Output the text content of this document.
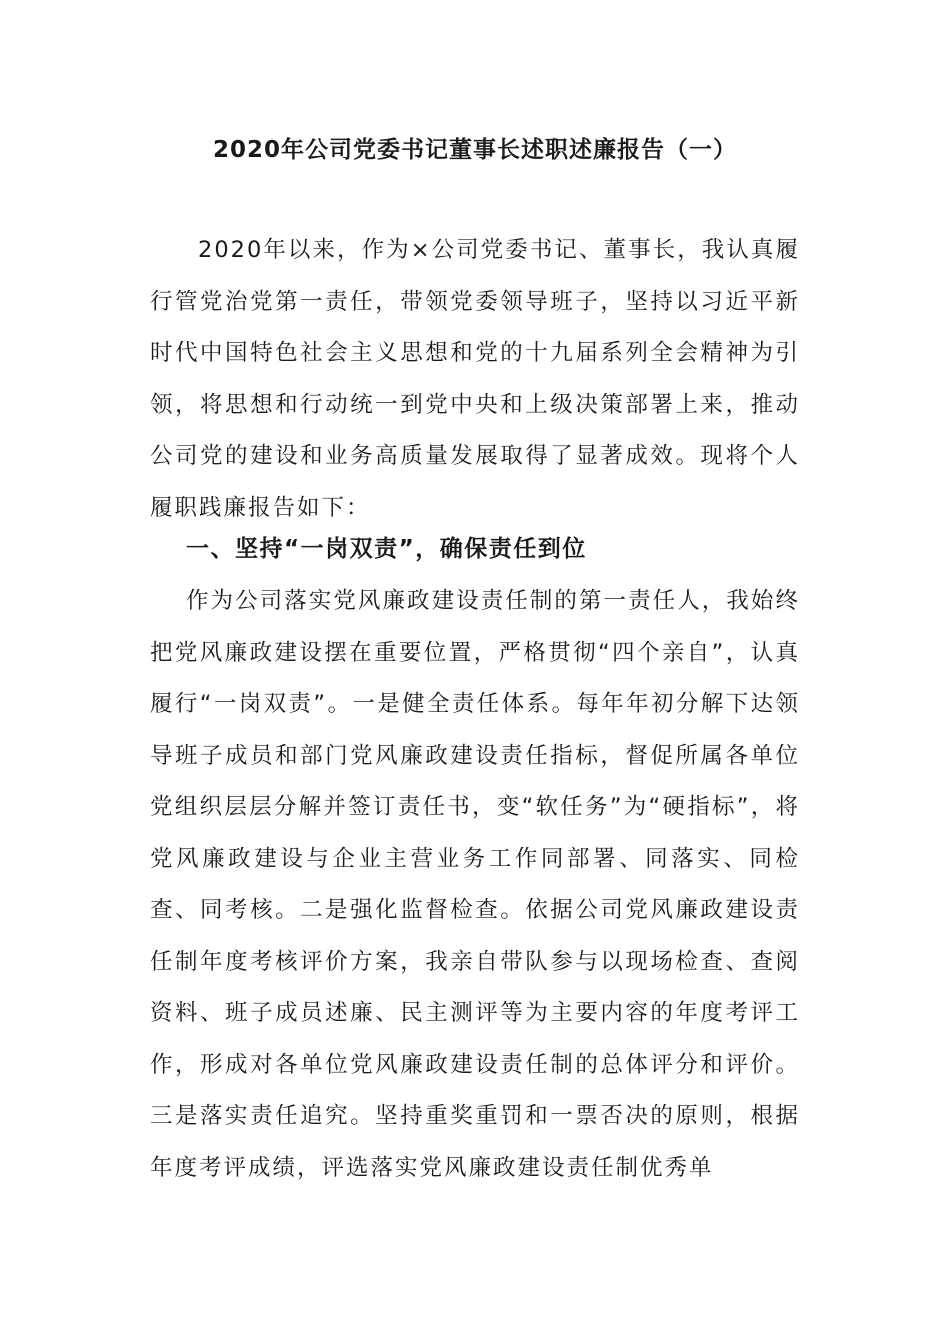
2020年公司党委书记董事长述职述廉报告（一）
2020年以来，作为×公司党委书记、董事长，我认真履行管党治党第一责任，带领党委领导班子，坚持以习近平新时代中国特色社会主义思想和党的十九届系列全会精神为引领，将思想和行动统一到党中央和上级决策部署上来，推动公司党的建设和业务高质量发展取得了显著成效。现将个人履职践廉报告如下：
一、坚持“一岗双责”，确保责任到位
作为公司落实党风廉政建设责任制的第一责任人，我始终把党风廉政建设摆在重要位置，严格贯彻“四个亲自”，认真履行“一岗双责”。一是健全责任体系。每年年初分解下达领导班子成员和部门党风廉政建设责任指标，督促所属各单位党组织层层分解并签订责任书，变“软任务”为“硬指标”，将党风廉政建设与企业主营业务工作同部署、同落实、同检查、同考核。二是强化监督检查。依据公司党风廉政建设责任制年度考核评价方案，我亲自带队参与以现场检查、查阅资料、班子成员述廉、民主测评等为主要内容的年度考评工作，形成对各单位党风廉政建设责任制的总体评分和评价。三是落实责任追究。坚持重奖重罚和一票否决的原则，根据年度考评成绩，评选落实党风廉政建设责任制优秀单
